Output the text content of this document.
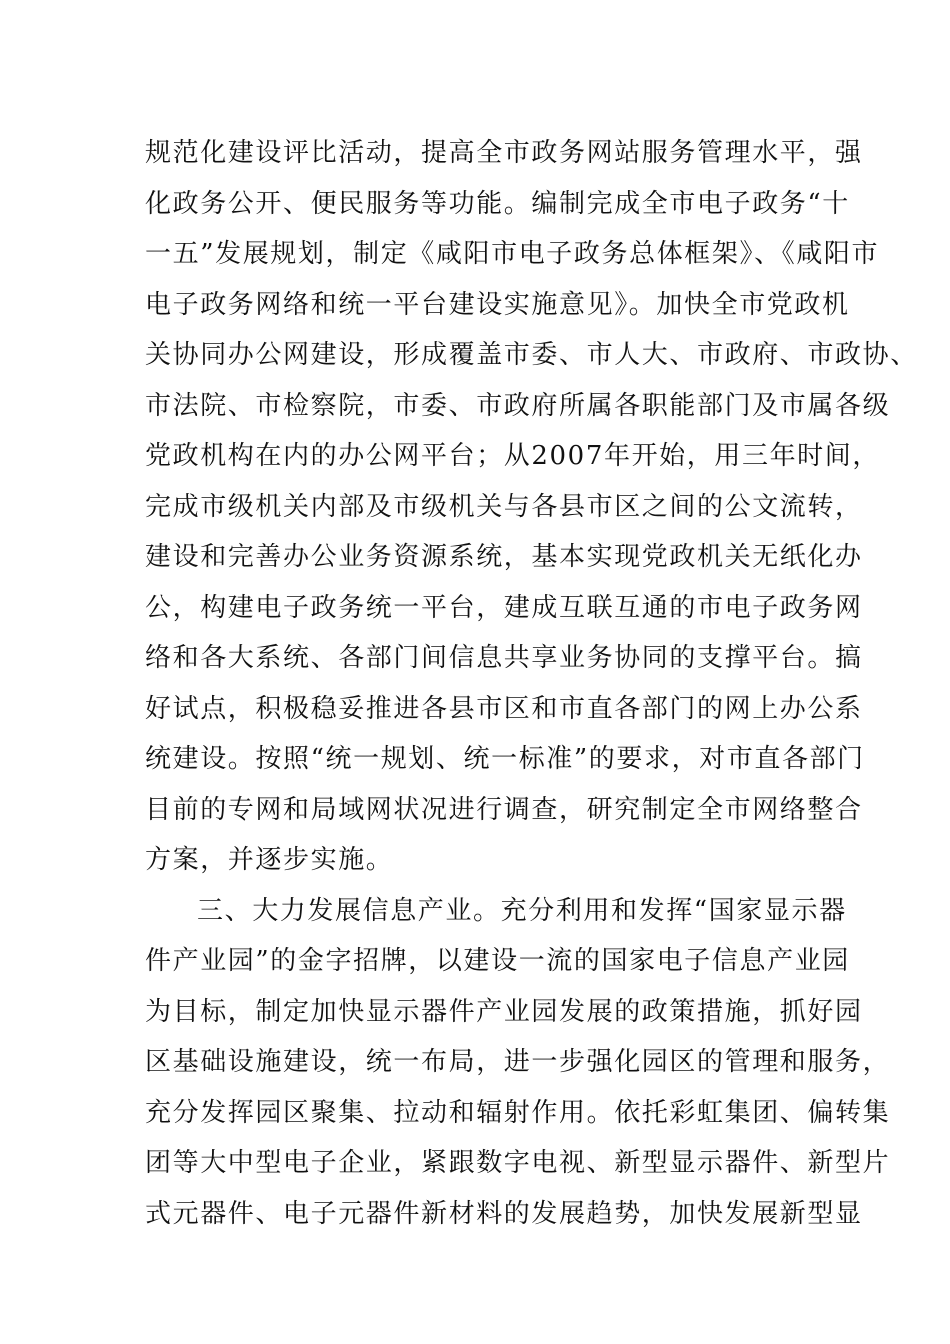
规范化建设评比活动，提高全市政务网站服务管理水平，强
化政务公开、便民服务等功能。编制完成全市电子政务“十
一五”发展规划，制定《咸阳市电子政务总体框架》、《咸阳市
电子政务网络和统一平台建设实施意见》。加快全市党政机
关协同办公网建设，形成覆盖市委、市人大、市政府、市政协、
市法院、市检察院，市委、市政府所属各职能部门及市属各级
党政机构在内的办公网平台；从2007年开始，用三年时间，
完成市级机关内部及市级机关与各县市区之间的公文流转，
建设和完善办公业务资源系统，基本实现党政机关无纸化办
公，构建电子政务统一平台，建成互联互通的市电子政务网
络和各大系统、各部门间信息共享业务协同的支撑平台。搞
好试点，积极稳妥推进各县市区和市直各部门的网上办公系
统建设。按照“统一规划、统一标准”的要求，对市直各部门
目前的专网和局域网状况进行调查，研究制定全市网络整合
方案，并逐步实施。
三、大力发展信息产业。充分利用和发挥“国家显示器
件产业园”的金字招牌，以建设一流的国家电子信息产业园
为目标，制定加快显示器件产业园发展的政策措施，抓好园
区基础设施建设，统一布局，进一步强化园区的管理和服务，
充分发挥园区聚集、拉动和辐射作用。依托彩虹集团、偏转集
团等大中型电子企业，紧跟数字电视、新型显示器件、新型片
式元器件、电子元器件新材料的发展趋势，加快发展新型显
